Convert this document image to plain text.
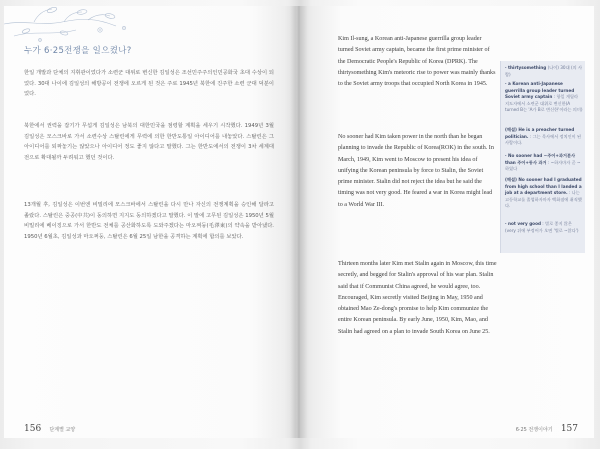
누가 6·25전쟁을 일으켰나?

한일 개발과 단체의 지휘관이었다가 소련군 대위로 변신한 김일성은 조선민주주의인민공화국 초대 수상이 되었다. 30대 나이에 김일성의 해방공이 전쟁에 오르게 된 것은 주로 1945년 북한에 진주한 소련 군대 덕분이었다.

북한에서 권력을 잡기가 무섭게 김일성은 남북의 대한민국을 점령할 계획을 세우기 시작했다. 1949년 3월 김일성은 모스크바로 가서 소련수상 스탈린에게 무력에 의한 한반도통일 아이디어를 내놓았다. 스탈린은 그 아이디어를 퇴짜놓기는 않았으나 아이디어 정도 좋지 않다고 말했다. 그는 한반도에서의 전쟁이 3차 세계대전으로 확대될까 두려워고 했던 것이다.

13개월 후, 김일성은 이번엔 비밀리에 모스크바에서 스탈린을 다시 만나 자신의 전쟁계획을 승인해 달라고 졸랐다. 스탈린은 중공(中共)이 동의하면 지지도 동의하겠다고 말했다. 이 말에 고무된 김일성은 1950년 5월 비밀리에 베이징으로 가서 한반도 전체를 공산화하도록 도와주겠다는 마오쩌둥(毛澤東)의 약속을 받아냈다. 1950년 6월초, 김일성과 마오쩌둥, 스탈린은 6월 25일 남한을 공격하는 계획에 합의를 보았다.

156 단계별 교양

Kim Il-sung, a Korean anti-Japanese guerrilla group leader turned Soviet army captain, became the first prime minister of the Democratic People's Republic of Korea (DPRK). The thirtysomething Kim's meteoric rise to power was mainly thanks to the Soviet army troops that occupied North Korea in 1945.

No sooner had Kim taken power in the north than he began planning to invade the Republic of Korea(ROK) in the south. In March, 1949, Kim went to Moscow to present his idea of unifying the Korean peninsula by force to Stalin, the Soviet prime minister. Stalin did not reject the idea but he said the timing was not very good. He feared a war in Korea might lead to a World War III.

Thirteen months later Kim met Stalin again in Moscow, this time secretly, and begged for Stalin's approval of his war plan. Stalin said that if Communist China agreed, he would agree, too. Encouraged, Kim secretly visited Beijing in May, 1950 and obtained Mao Ze-dong's promise to help Kim communize the entire Korean peninsula. By early June, 1950, Kim, Mao, and Stalin had agreed on a plan to invade South Korea on June 25.

· thirtysomething (나이) 30대 (의 사람)

· a Korean anti-Japanese guerrilla group leader turned Soviet army captain : 항일 게릴라 지도자에서 소련군 대위로 변신한(A turned B는 'A가 B로 변신한'이라는 의미)

(해설) He is a preacher turned politician. : 그는 목사에서 정치인이 된 사람이다.

· No sooner had ~주어+과거분사 than 주어+동사 과거 : ~하자마자 곧 ~하였다

(해설) No sooner had I graduated from high school than I landed a job at a department store. : 나는 고등학교를 졸업하자마자 백화점에 취직했다.

· not very good : 별로 좋지 않은 (very 뒤에 부정어가 오면 '별로 ~않다')

6·25 전쟁이야기 157
